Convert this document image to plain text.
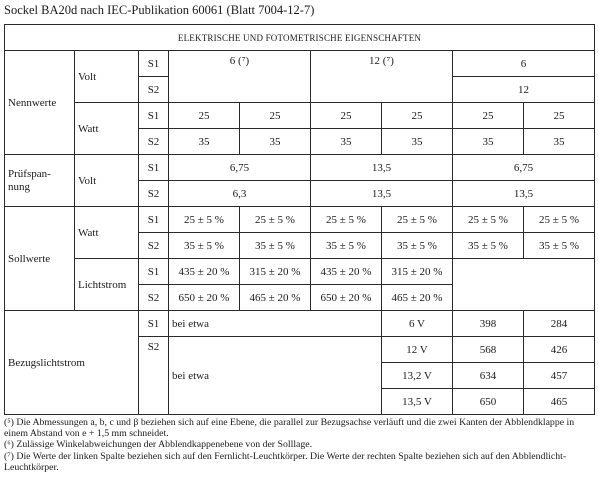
Sockel BA20d nach IEC-Publikation 60061 (Blatt 7004-12-7)
ELEKTRISCHE UND FOTOMETRISCHE EIGENSCHAFTEN								
Nennwerte	Volt	S1	6 (⁷)		12 (⁷)		6	
		S2					12	
	Watt	S1	25	25	25	25	25	25
		S2	35	35	35	35	35	35
Prüfspan-
nung	Volt	S1	6,75		13,5		6,75	
		S2	6,3		13,5		13,5	
Sollwerte	Watt	S1	25 ± 5 %	25 ± 5 %	25 ± 5 %	25 ± 5 %	25 ± 5 %	25 ± 5 %
		S2	35 ± 5 %	35 ± 5 %	35 ± 5 %	35 ± 5 %	35 ± 5 %	35 ± 5 %
	Lichtstrom	S1	435 ± 20 %	315 ± 20 %	435 ± 20 %	315 ± 20 %		
		S2	650 ± 20 %	465 ± 20 %	650 ± 20 %	465 ± 20 %		
Bezugslichtstrom		S1	bei etwa			6 V	398	284
		S2	bei etwa			12 V	568	426
						13,2 V	634	457
						13,5 V	650	465
(⁵) Die Abmessungen a, b, c und β beziehen sich auf eine Ebene, die parallel zur Bezugsachse verläuft und die zwei Kanten der Abblendklappe in einem Abstand von e + 1,5 mm schneidet.
(⁶) Zulässige Winkelabweichungen der Abblendkappenebene von der Solllage.
(⁷) Die Werte der linken Spalte beziehen sich auf den Fernlicht-Leuchtkörper. Die Werte der rechten Spalte beziehen sich auf den Abblendlicht-Leuchtkörper.
